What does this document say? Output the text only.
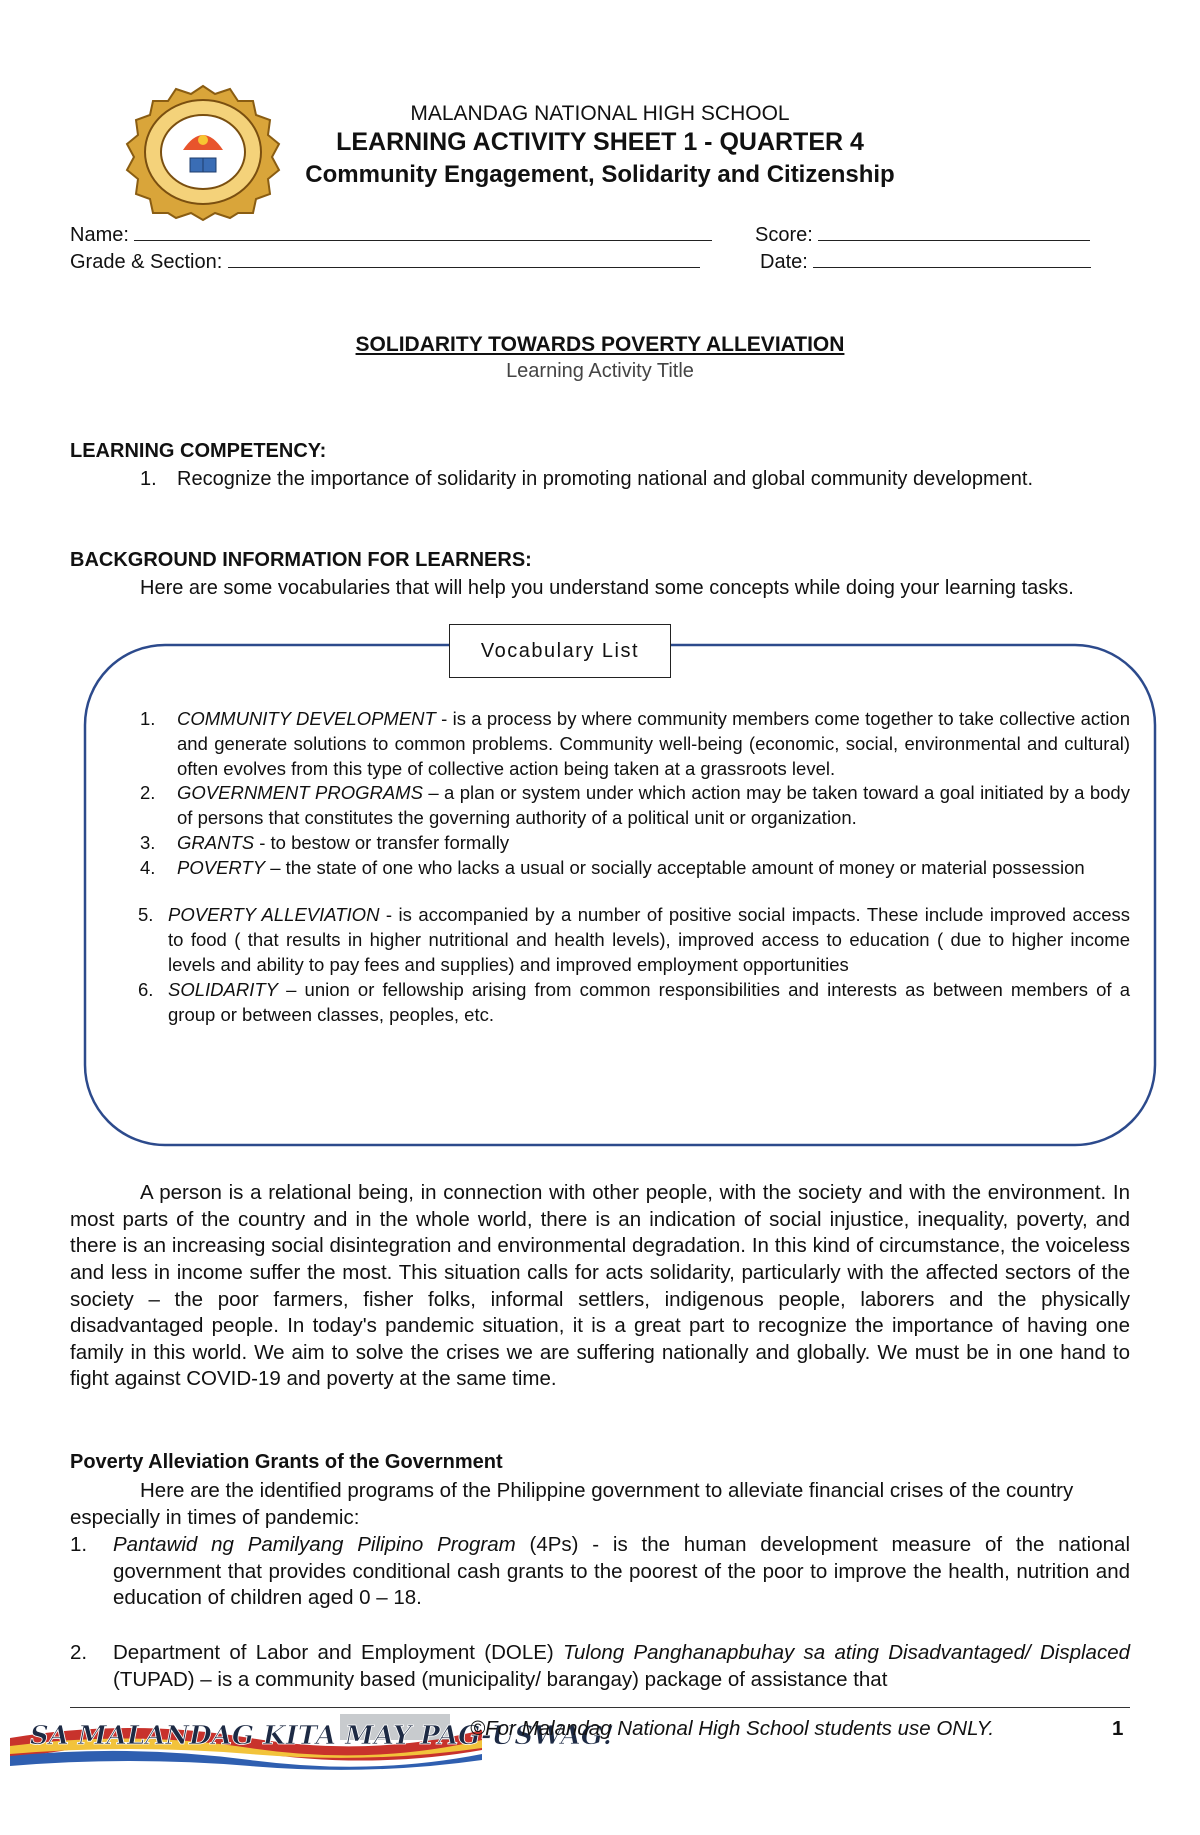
MALANDAG NATIONAL HIGH SCHOOL
LEARNING ACTIVITY SHEET 1 - QUARTER 4
Community Engagement, Solidarity and Citizenship
Name:	Score:
Grade & Section:	Date:
SOLIDARITY TOWARDS POVERTY ALLEVIATION
Learning Activity Title
LEARNING COMPETENCY:
1. Recognize the importance of solidarity in promoting national and global community development.
BACKGROUND INFORMATION FOR LEARNERS:
Here are some vocabularies that will help you understand some concepts while doing your learning tasks.
Vocabulary List
1. COMMUNITY DEVELOPMENT - is a process by where community members come together to take collective action and generate solutions to common problems. Community well-being (economic, social, environmental and cultural) often evolves from this type of collective action being taken at a grassroots level.
2. GOVERNMENT PROGRAMS – a plan or system under which action may be taken toward a goal initiated by a body of persons that constitutes the governing authority of a political unit or organization.
3. GRANTS - to bestow or transfer formally
4. POVERTY – the state of one who lacks a usual or socially acceptable amount of money or material possession
5. POVERTY ALLEVIATION - is accompanied by a number of positive social impacts. These include improved access to food ( that results in higher nutritional and health levels), improved access to education ( due to higher income levels and ability to pay fees and supplies) and improved employment opportunities
6. SOLIDARITY – union or fellowship arising from common responsibilities and interests as between members of a group or between classes, peoples, etc.
A person is a relational being, in connection with other people, with the society and with the environment. In most parts of the country and in the whole world, there is an indication of social injustice, inequality, poverty, and there is an increasing social disintegration and environmental degradation. In this kind of circumstance, the voiceless and less in income suffer the most. This situation calls for acts solidarity, particularly with the affected sectors of the society – the poor farmers, fisher folks, informal settlers, indigenous people, laborers and the physically disadvantaged people. In today's pandemic situation, it is a great part to recognize the importance of having one family in this world. We aim to solve the crises we are suffering nationally and globally. We must be in one hand to fight against COVID-19 and poverty at the same time.
Poverty Alleviation Grants of the Government
Here are the identified programs of the Philippine government to alleviate financial crises of the country especially in times of pandemic:
1. Pantawid ng Pamilyang Pilipino Program (4Ps) - is the human development measure of the national government that provides conditional cash grants to the poorest of the poor to improve the health, nutrition and education of children aged 0 – 18.
2. Department of Labor and Employment (DOLE) Tulong Panghanapbuhay sa ating Disadvantaged/ Displaced (TUPAD) – is a community based (municipality/ barangay) package of assistance that
SA MALANDAG KITA MAY PAG-USWAG!
©For Malandag National High School students use ONLY.	1
